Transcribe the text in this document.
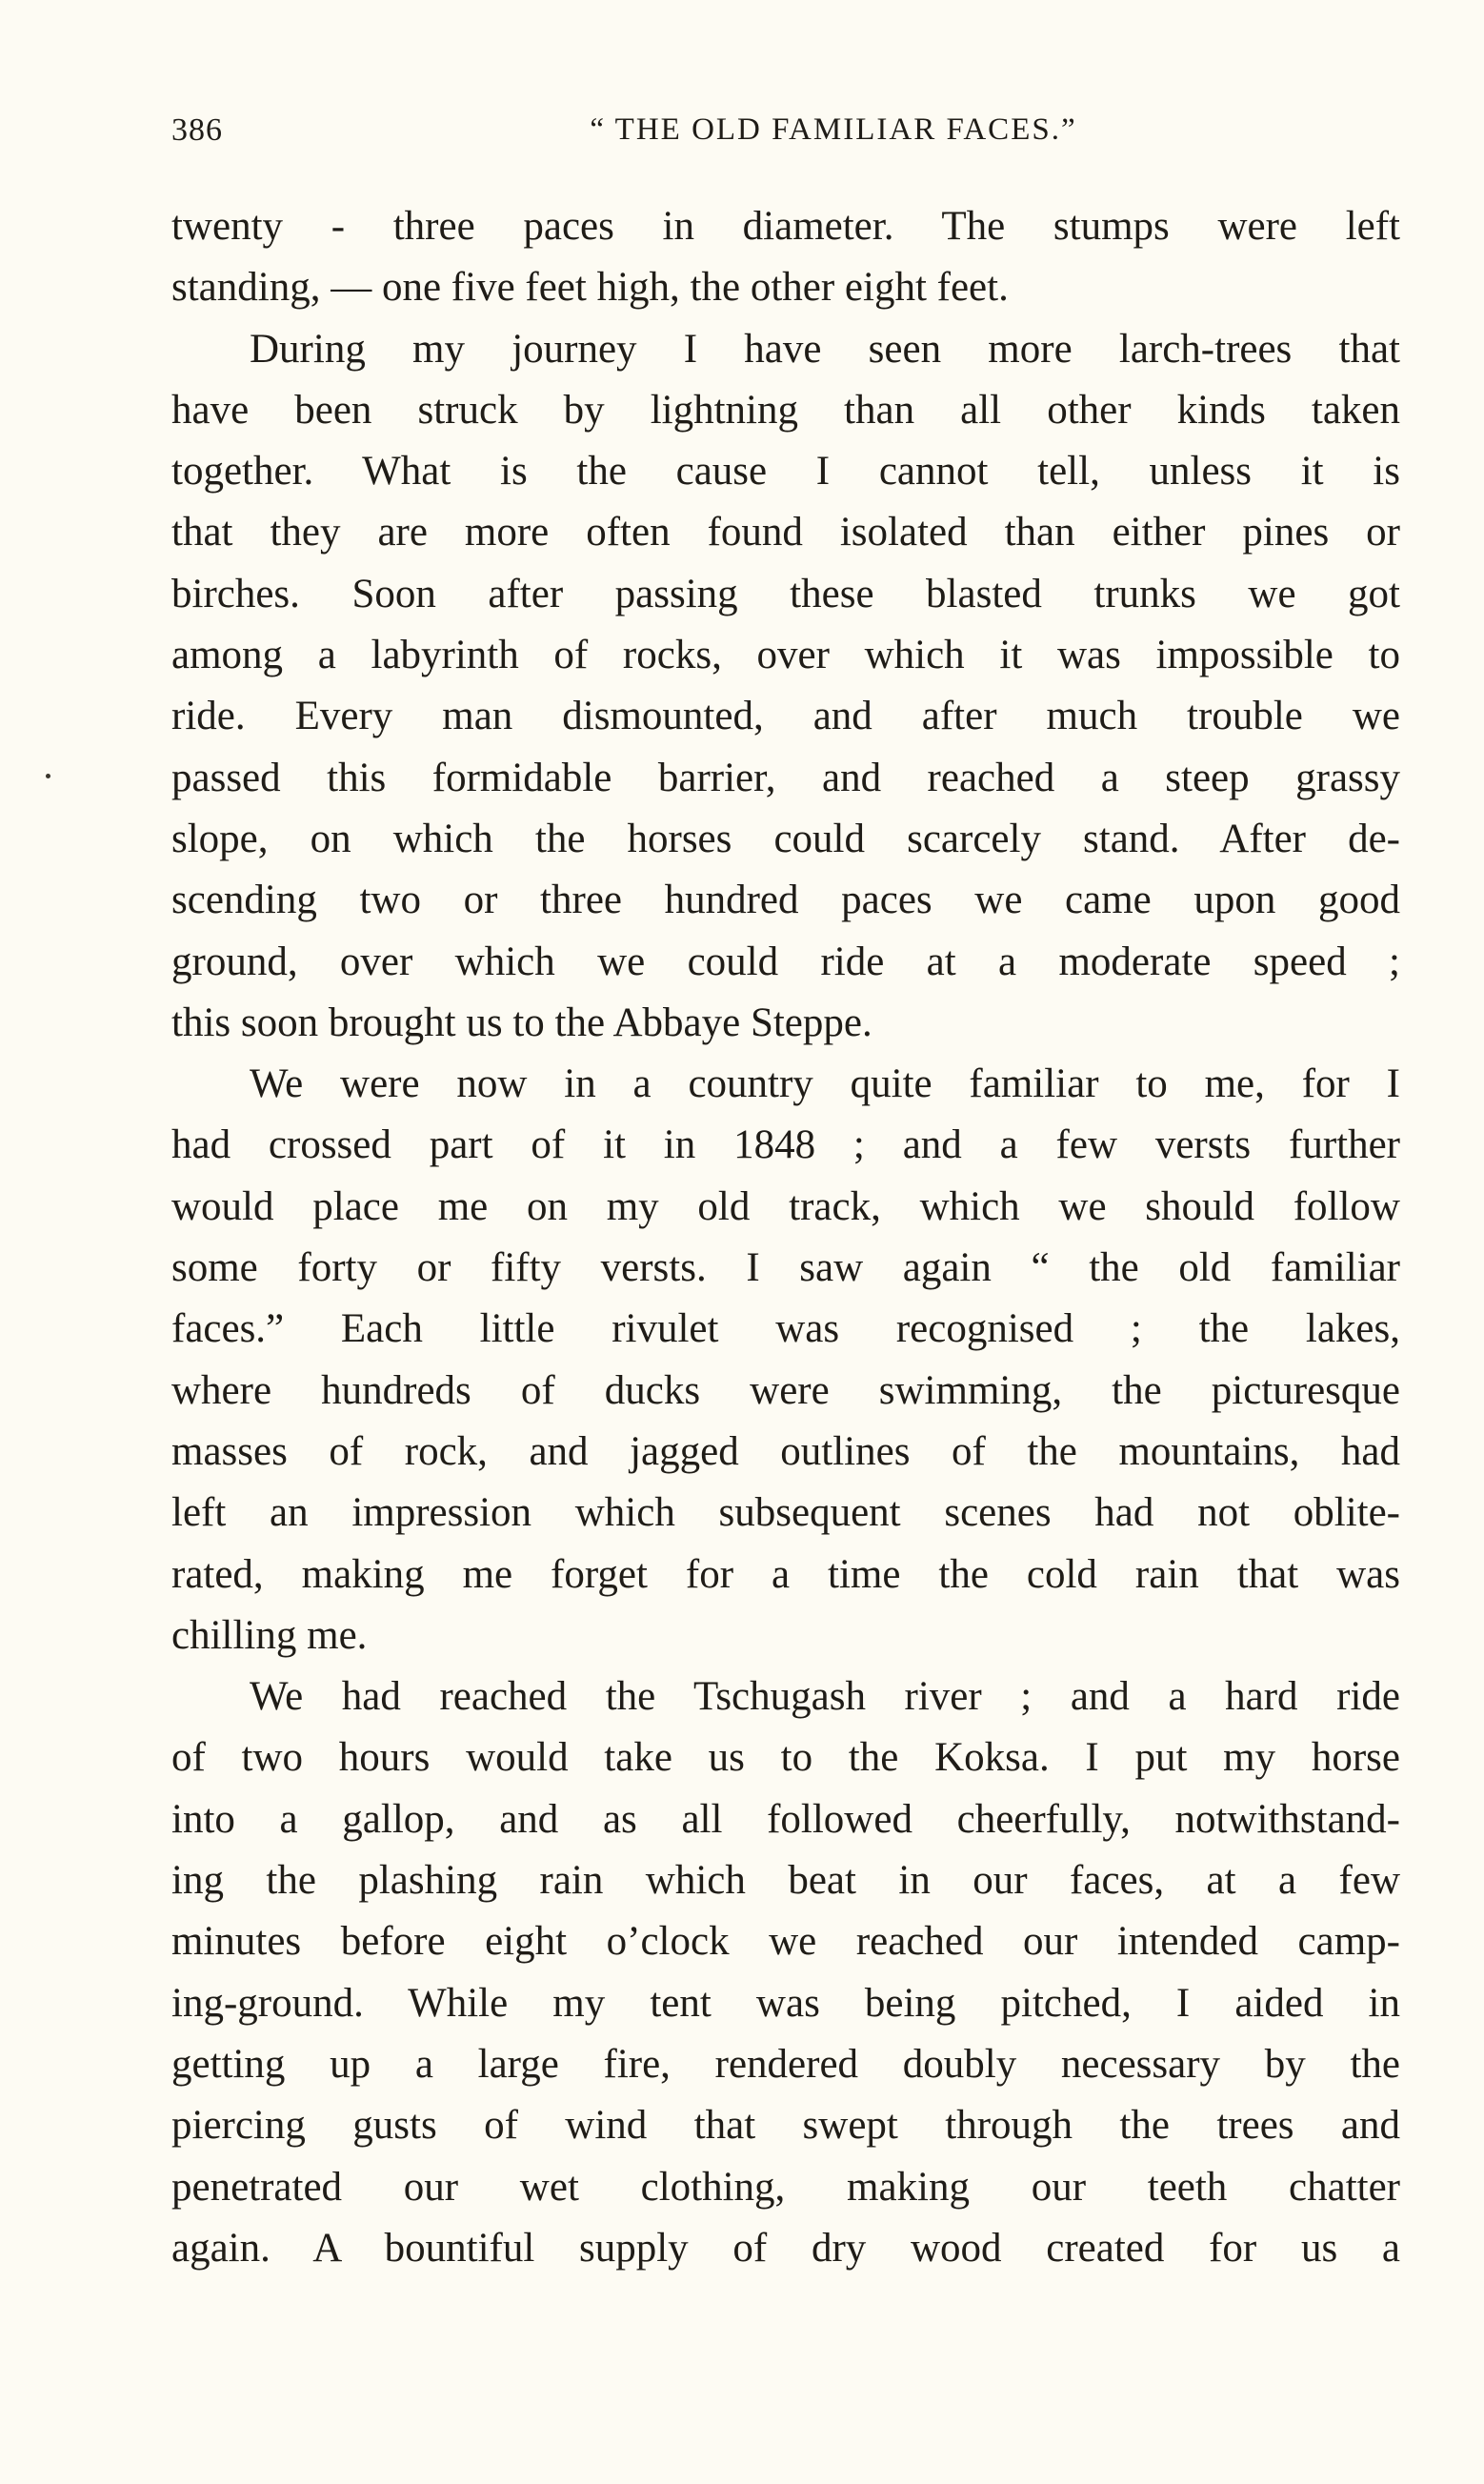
386	“ THE OLD FAMILIAR FACES.”
twenty - three paces in diameter. The stumps were left
standing, — one five feet high, the other eight feet.
During my journey I have seen more larch-trees that
have been struck by lightning than all other kinds taken
together. What is the cause I cannot tell, unless it is
that they are more often found isolated than either pines or
birches. Soon after passing these blasted trunks we got
among a labyrinth of rocks, over which it was impossible to
ride. Every man dismounted, and after much trouble we
passed this formidable barrier, and reached a steep grassy
slope, on which the horses could scarcely stand. After de-
scending two or three hundred paces we came upon good
ground, over which we could ride at a moderate speed ;
this soon brought us to the Abbaye Steppe.
We were now in a country quite familiar to me, for I
had crossed part of it in 1848 ; and a few versts further
would place me on my old track, which we should follow
some forty or fifty versts. I saw again “ the old familiar
faces.” Each little rivulet was recognised ; the lakes,
where hundreds of ducks were swimming, the picturesque
masses of rock, and jagged outlines of the mountains, had
left an impression which subsequent scenes had not oblite-
rated, making me forget for a time the cold rain that was
chilling me.
We had reached the Tschugash river ; and a hard ride
of two hours would take us to the Koksa. I put my horse
into a gallop, and as all followed cheerfully, notwithstand-
ing the plashing rain which beat in our faces, at a few
minutes before eight o’clock we reached our intended camp-
ing-ground. While my tent was being pitched, I aided in
getting up a large fire, rendered doubly necessary by the
piercing gusts of wind that swept through the trees and
penetrated our wet clothing, making our teeth chatter
again. A bountiful supply of dry wood created for us a
